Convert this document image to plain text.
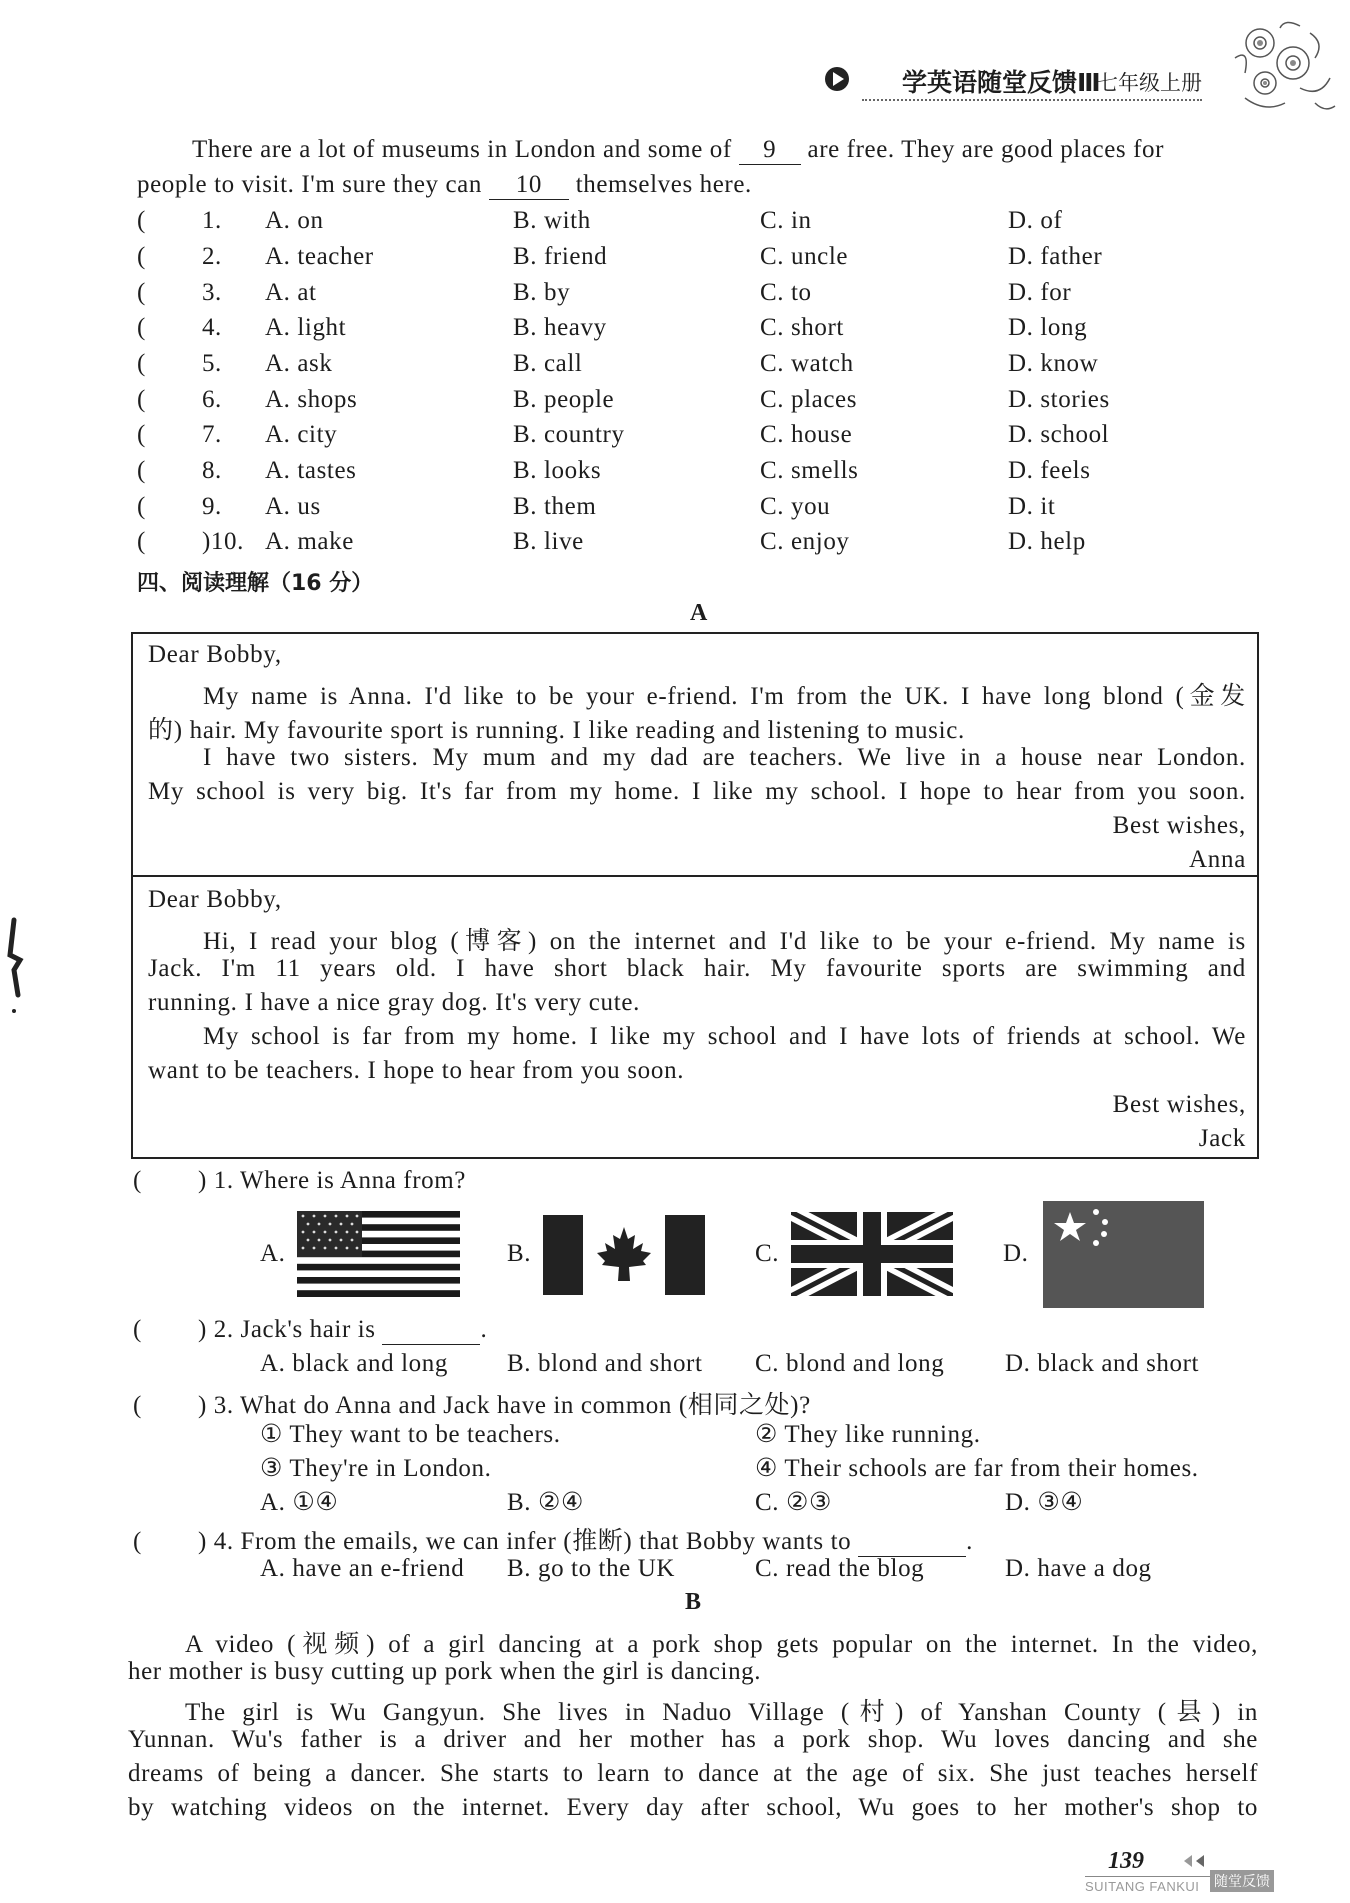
学英语随堂反馈Ⅲ
七年级上册
There are a lot of museums in London and some of 9 are free. They are good places for
people to visit. I'm sure they can 10 themselves here.
( 1. A. on	B. with	C. in	D. of
( 2. A. teacher	B. friend	C. uncle	D. father
( 3. A. at	B. by	C. to	D. for
( 4. A. light	B. heavy	C. short	D. long
( 5. A. ask	B. call	C. watch	D. know
( 6. A. shops	B. people	C. places	D. stories
( 7. A. city	B. country	C. house	D. school
( 8. A. tastes	B. looks	C. smells	D. feels
( 9. A. us	B. them	C. you	D. it
( )10. A. make	B. live	C. enjoy	D. help
四、阅读理解（16 分）
A
Dear Bobby,
My name is Anna. I'd like to be your e-friend. I'm from the UK. I have long blond (金发
的) hair. My favourite sport is running. I like reading and listening to music.
I have two sisters. My mum and my dad are teachers. We live in a house near London.
My school is very big. It's far from my home. I like my school. I hope to hear from you soon.
Best wishes,
Anna
Dear Bobby,
Hi, I read your blog (博客) on the internet and I'd like to be your e-friend. My name is
Jack. I'm 11 years old. I have short black hair. My favourite sports are swimming and
running. I have a nice gray dog. It's very cute.
My school is far from my home. I like my school and I have lots of friends at school. We
want to be teachers. I hope to hear from you soon.
Best wishes,
Jack
( ) 1. Where is Anna from?
A.	B.	C.	D.
( ) 2. Jack's hair is	.
A. black and long B. blond and short C. blond and long D. black and short
( ) 3. What do Anna and Jack have in common (相同之处)?
① They want to be teachers.	② They like running.
③ They're in London.	④ Their schools are far from their homes.
A. ①④	B. ②④	C. ②③	D. ③④
( ) 4. From the emails, we can infer (推断) that Bobby wants to	.
A. have an e-friend B. go to the UK	C. read the blog	D. have a dog
B
A video (视频) of a girl dancing at a pork shop gets popular on the internet. In the video,
her mother is busy cutting up pork when the girl is dancing.
The girl is Wu Gangyun. She lives in Naduo Village (村) of Yanshan County (县) in
Yunnan. Wu's father is a driver and her mother has a pork shop. Wu loves dancing and she
dreams of being a dancer. She starts to learn to dance at the age of six. She just teaches herself
by watching videos on the internet. Every day after school, Wu goes to her mother's shop to
139
SUITANG FANKUI 随堂反馈
